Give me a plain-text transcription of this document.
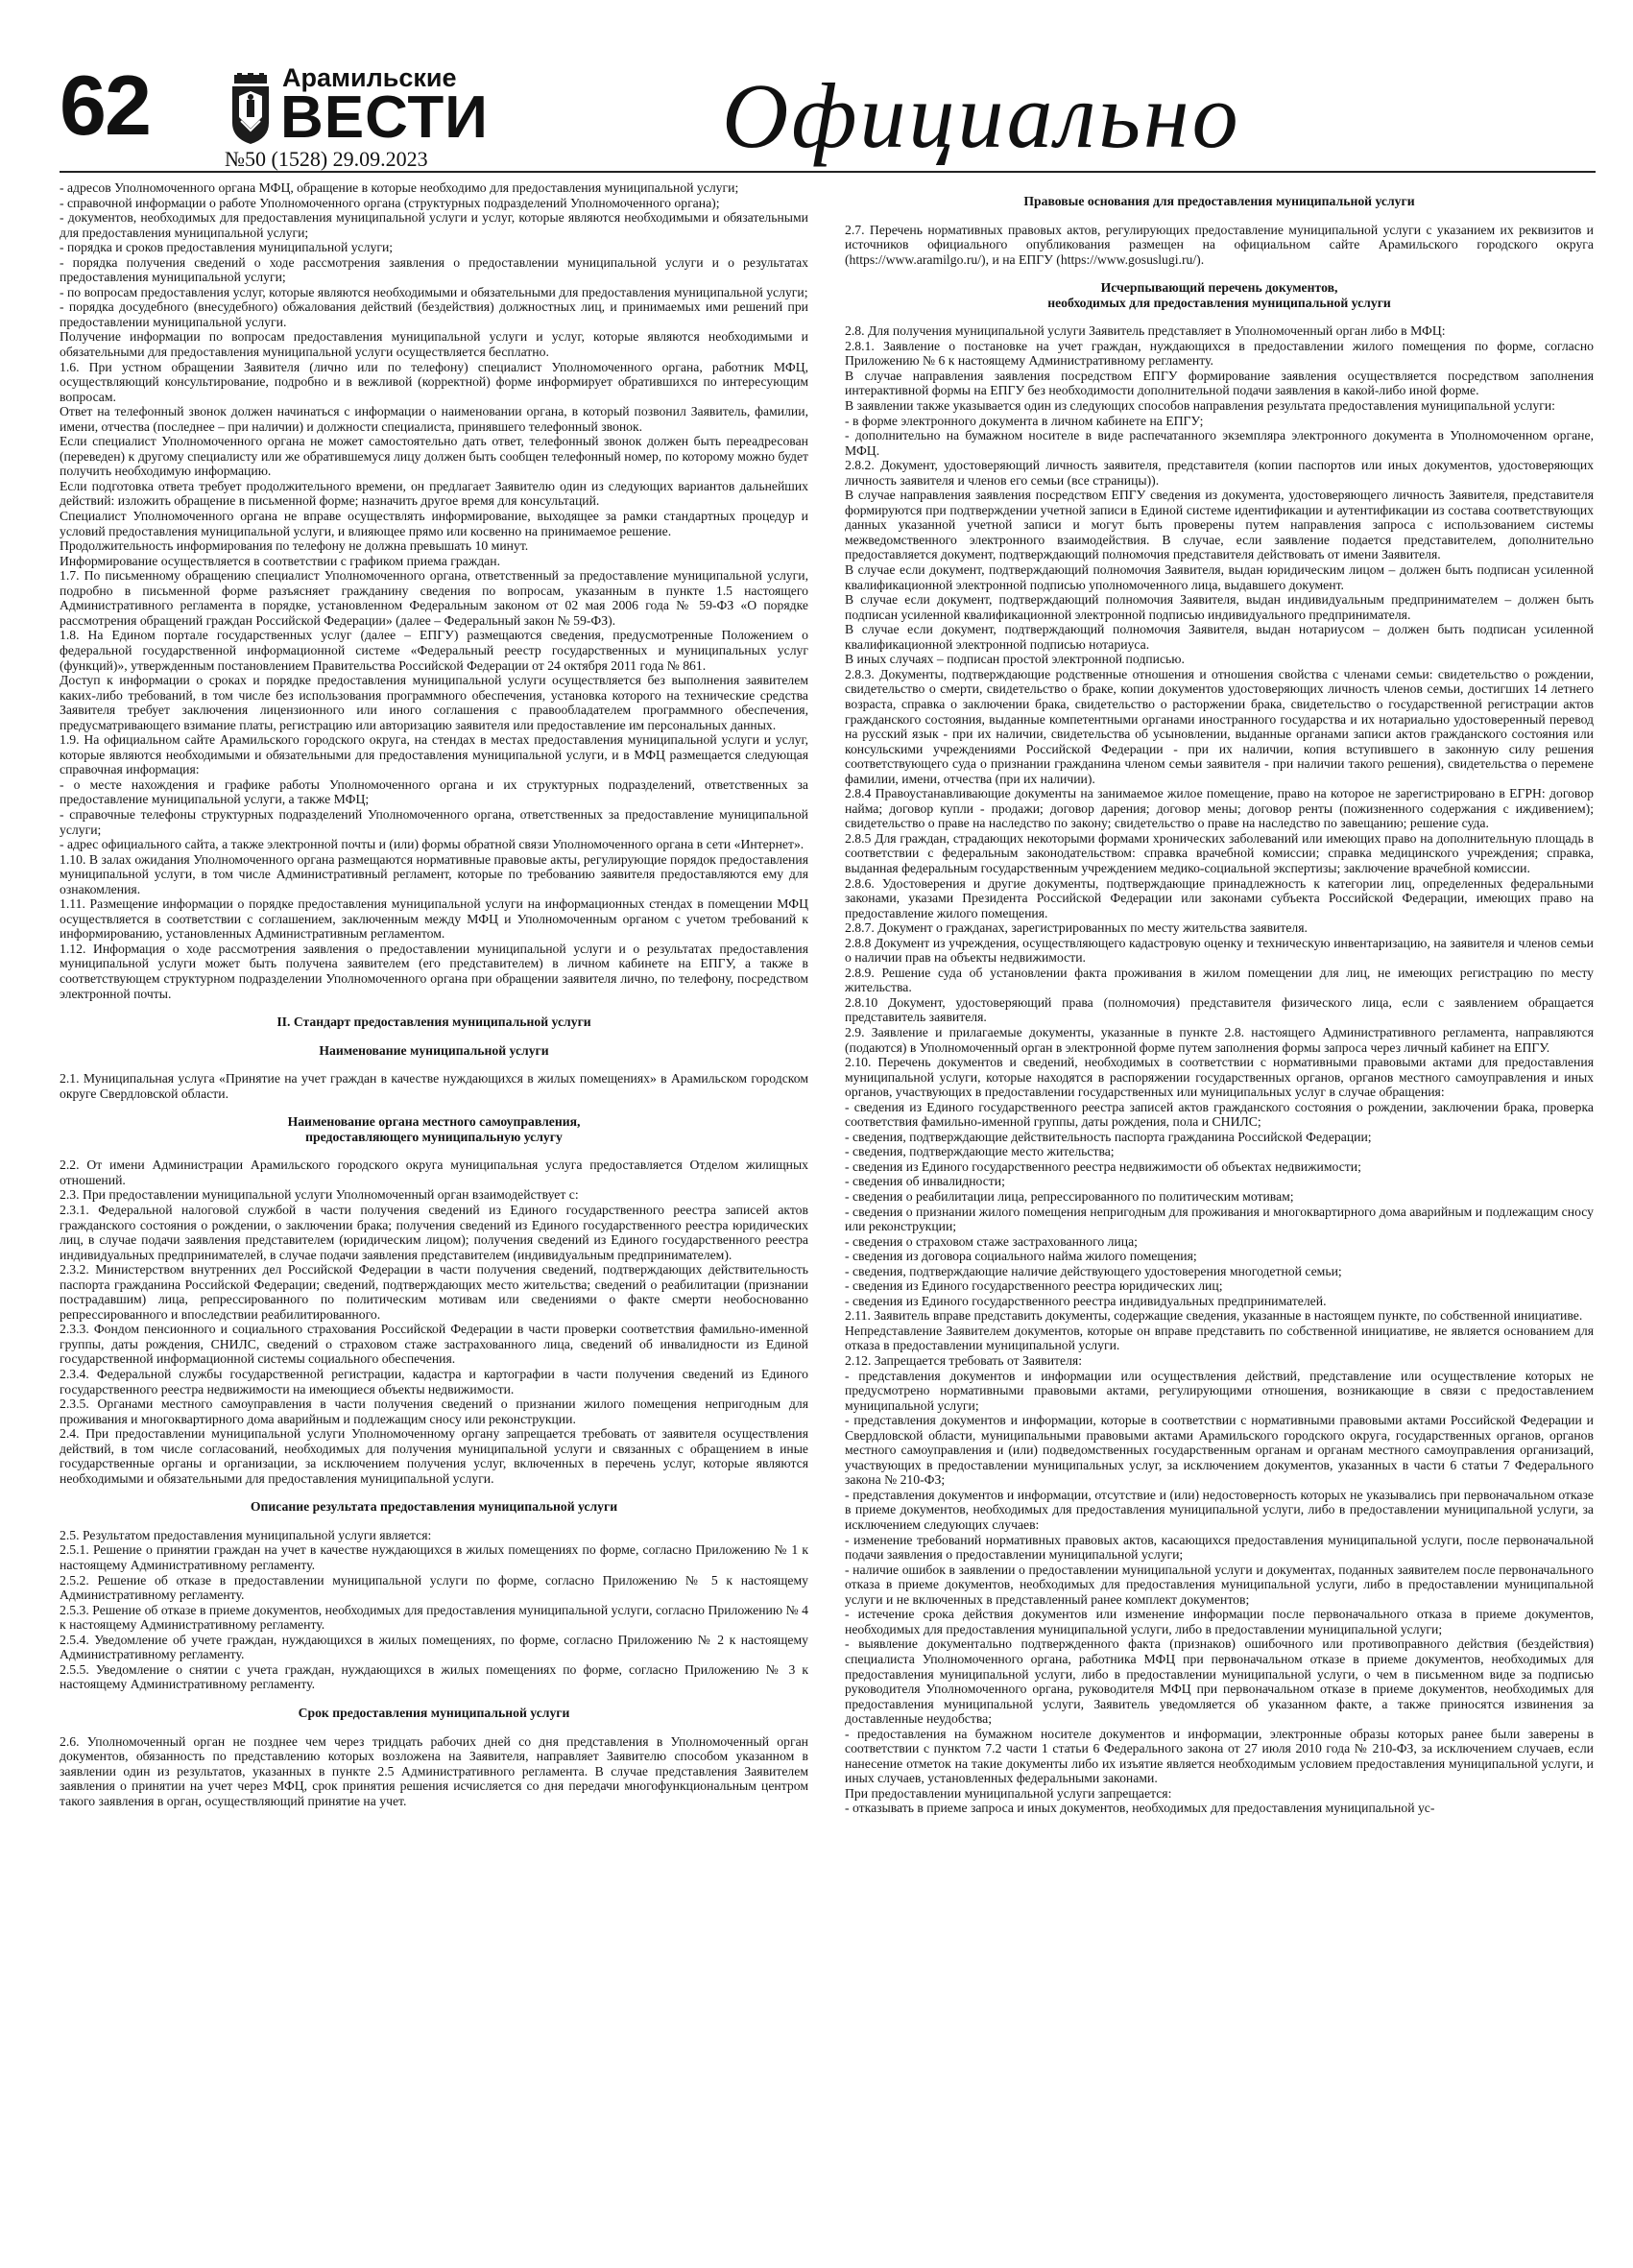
62	Арамильские
ВЕСТИ
№50 (1528) 29.09.2023	Официально
- адресов Уполномоченного органа МФЦ, обращение в которые необходимо для предоставления муниципальной услуги;
- справочной информации о работе Уполномоченного органа (структурных подразделений Уполномоченного органа);
- документов, необходимых для предоставления муниципальной услуги и услуг, которые являются необходимыми и обязательными для предоставления муниципальной услуги;
- порядка и сроков предоставления муниципальной услуги;
- порядка получения сведений о ходе рассмотрения заявления о предоставлении муниципальной услуги и о результатах предоставления муниципальной услуги;
- по вопросам предоставления услуг, которые являются необходимыми и обязательными для предоставления муниципальной услуги;
- порядка досудебного (внесудебного) обжалования действий (бездействия) должностных лиц, и принимаемых ими решений при предоставлении муниципальной услуги.
Получение информации по вопросам предоставления муниципальной услуги и услуг, которые являются необходимыми и обязательными для предоставления муниципальной услуги осуществляется бесплатно.
1.6. При устном обращении Заявителя (лично или по телефону) специалист Уполномоченного органа, работник МФЦ, осуществляющий консультирование, подробно и в вежливой (корректной) форме информирует обратившихся по интересующим вопросам.
Ответ на телефонный звонок должен начинаться с информации о наименовании органа, в который позвонил Заявитель, фамилии, имени, отчества (последнее – при наличии) и должности специалиста, принявшего телефонный звонок.
Если специалист Уполномоченного органа не может самостоятельно дать ответ, телефонный звонок должен быть переадресован (переведен) к другому специалисту или же обратившемуся лицу должен быть сообщен телефонный номер, по которому можно будет получить необходимую информацию.
Если подготовка ответа требует продолжительного времени, он предлагает Заявителю один из следующих вариантов дальнейших действий: изложить обращение в письменной форме; назначить другое время для консультаций.
Специалист Уполномоченного органа не вправе осуществлять информирование, выходящее за рамки стандартных процедур и условий предоставления муниципальной услуги, и влияющее прямо или косвенно на принимаемое решение.
Продолжительность информирования по телефону не должна превышать 10 минут.
Информирование осуществляется в соответствии с графиком приема граждан.
1.7. По письменному обращению специалист Уполномоченного органа, ответственный за предоставление муниципальной услуги, подробно в письменной форме разъясняет гражданину сведения по вопросам, указанным в пункте 1.5 настоящего Административного регламента в порядке, установленном Федеральным законом от 02 мая 2006 года № 59-ФЗ «О порядке рассмотрения обращений граждан Российской Федерации» (далее – Федеральный закон № 59-ФЗ).
1.8. На Едином портале государственных услуг (далее – ЕПГУ) размещаются сведения, предусмотренные Положением о федеральной государственной информационной системе «Федеральный реестр государственных и муниципальных услуг (функций)», утвержденным постановлением Правительства Российской Федерации от 24 октября 2011 года № 861.
Доступ к информации о сроках и порядке предоставления муниципальной услуги осуществляется без выполнения заявителем каких-либо требований, в том числе без использования программного обеспечения, установка которого на технические средства Заявителя требует заключения лицензионного или иного соглашения с правообладателем программного обеспечения, предусматривающего взимание платы, регистрацию или авторизацию заявителя или предоставление им персональных данных.
1.9. На официальном сайте Арамильского городского округа, на стендах в местах предоставления муниципальной услуги и услуг, которые являются необходимыми и обязательными для предоставления муниципальной услуги, и в МФЦ размещается следующая справочная информация:
- о месте нахождения и графике работы Уполномоченного органа и их структурных подразделений, ответственных за предоставление муниципальной услуги, а также МФЦ;
- справочные телефоны структурных подразделений Уполномоченного органа, ответственных за предоставление муниципальной услуги;
- адрес официального сайта, а также электронной почты и (или) формы обратной связи Уполномоченного органа в сети «Интернет».
1.10. В залах ожидания Уполномоченного органа размещаются нормативные правовые акты, регулирующие порядок предоставления муниципальной услуги, в том числе Административный регламент, которые по требованию заявителя предоставляются ему для ознакомления.
1.11. Размещение информации о порядке предоставления муниципальной услуги на информационных стендах в помещении МФЦ осуществляется в соответствии с соглашением, заключенным между МФЦ и Уполномоченным органом с учетом требований к информированию, установленных Административным регламентом.
1.12. Информация о ходе рассмотрения заявления о предоставлении муниципальной услуги и о результатах предоставления муниципальной услуги может быть получена заявителем (его представителем) в личном кабинете на ЕПГУ, а также в соответствующем структурном подразделении Уполномоченного органа при обращении заявителя лично, по телефону, посредством электронной почты.
II. Стандарт предоставления муниципальной услуги
Наименование муниципальной услуги
2.1. Муниципальная услуга «Принятие на учет граждан в качестве нуждающихся в жилых помещениях» в Арамильском городском округе Свердловской области.
Наименование органа местного самоуправления,
предоставляющего муниципальную услугу
2.2. От имени Администрации Арамильского городского округа муниципальная услуга предоставляется Отделом жилищных отношений.
2.3. При предоставлении муниципальной услуги Уполномоченный орган взаимодействует с:
2.3.1. Федеральной налоговой службой в части получения сведений из Единого государственного реестра записей актов гражданского состояния о рождении, о заключении брака; получения сведений из Единого государственного реестра юридических лиц, в случае подачи заявления представителем (юридическим лицом); получения сведений из Единого государственного реестра индивидуальных предпринимателей, в случае подачи заявления представителем (индивидуальным предпринимателем).
2.3.2. Министерством внутренних дел Российской Федерации в части получения сведений, подтверждающих действительность паспорта гражданина Российской Федерации; сведений, подтверждающих место жительства; сведений о реабилитации (признании пострадавшим) лица, репрессированного по политическим мотивам или сведениями о факте смерти необоснованно репрессированного и впоследствии реабилитированного.
2.3.3. Фондом пенсионного и социального страхования Российской Федерации в части проверки соответствия фамильно-именной группы, даты рождения, СНИЛС, сведений о страховом стаже застрахованного лица, сведений об инвалидности из Единой государственной информационной системы социального обеспечения.
2.3.4. Федеральной службы государственной регистрации, кадастра и картографии в части получения сведений из Единого государственного реестра недвижимости на имеющиеся объекты недвижимости.
2.3.5. Органами местного самоуправления в части получения сведений о признании жилого помещения непригодным для проживания и многоквартирного дома аварийным и подлежащим сносу или реконструкции.
2.4. При предоставлении муниципальной услуги Уполномоченному органу запрещается требовать от заявителя осуществления действий, в том числе согласований, необходимых для получения муниципальной услуги и связанных с обращением в иные государственные органы и организации, за исключением получения услуг, включенных в перечень услуг, которые являются необходимыми и обязательными для предоставления муниципальной услуги.
Описание результата предоставления муниципальной услуги
2.5. Результатом предоставления муниципальной услуги является:
2.5.1. Решение о принятии граждан на учет в качестве нуждающихся в жилых помещениях по форме, согласно Приложению № 1 к настоящему Административному регламенту.
2.5.2. Решение об отказе в предоставлении муниципальной услуги по форме, согласно Приложению № 5 к настоящему Административному регламенту.
2.5.3. Решение об отказе в приеме документов, необходимых для предоставления муниципальной услуги, согласно Приложению № 4 к настоящему Административному регламенту.
2.5.4. Уведомление об учете граждан, нуждающихся в жилых помещениях, по форме, согласно Приложению № 2 к настоящему Административному регламенту.
2.5.5. Уведомление о снятии с учета граждан, нуждающихся в жилых помещениях по форме, согласно Приложению № 3 к настоящему Административному регламенту.
Срок предоставления муниципальной услуги
2.6. Уполномоченный орган не позднее чем через тридцать рабочих дней со дня представления в Уполномоченный орган документов, обязанность по представлению которых возложена на Заявителя, направляет Заявителю способом указанном в заявлении один из результатов, указанных в пункте 2.5 Административного регламента. В случае представления Заявителем заявления о принятии на учет через МФЦ, срок принятия решения исчисляется со дня передачи многофункциональным центром такого заявления в орган, осуществляющий принятие на учет.
Правовые основания для предоставления муниципальной услуги
2.7. Перечень нормативных правовых актов, регулирующих предоставление муниципальной услуги с указанием их реквизитов и источников официального опубликования размещен на официальном сайте Арамильского городского округа (https://www.aramilgo.ru/), и на ЕПГУ (https://www.gosuslugi.ru/).
Исчерпывающий перечень документов,
необходимых для предоставления муниципальной услуги
2.8. Для получения муниципальной услуги Заявитель представляет в Уполномоченный орган либо в МФЦ:
2.8.1. Заявление о постановке на учет граждан, нуждающихся в предоставлении жилого помещения по форме, согласно Приложению № 6 к настоящему Административному регламенту.
В случае направления заявления посредством ЕПГУ формирование заявления осуществляется посредством заполнения интерактивной формы на ЕПГУ без необходимости дополнительной подачи заявления в какой-либо иной форме.
В заявлении также указывается один из следующих способов направления результата предоставления муниципальной услуги:
- в форме электронного документа в личном кабинете на ЕПГУ;
- дополнительно на бумажном носителе в виде распечатанного экземпляра электронного документа в Уполномоченном органе, МФЦ.
2.8.2. Документ, удостоверяющий личность заявителя, представителя (копии паспортов или иных документов, удостоверяющих личность заявителя и членов его семьи (все страницы)).
В случае направления заявления посредством ЕПГУ сведения из документа, удостоверяющего личность Заявителя, представителя формируются при подтверждении учетной записи в Единой системе идентификации и аутентификации из состава соответствующих данных указанной учетной записи и могут быть проверены путем направления запроса с использованием системы межведомственного электронного взаимодействия. В случае, если заявление подается представителем, дополнительно предоставляется документ, подтверждающий полномочия представителя действовать от имени Заявителя.
В случае если документ, подтверждающий полномочия Заявителя, выдан юридическим лицом – должен быть подписан усиленной квалификационной электронной подписью уполномоченного лица, выдавшего документ.
В случае если документ, подтверждающий полномочия Заявителя, выдан индивидуальным предпринимателем – должен быть подписан усиленной квалификационной электронной подписью индивидуального предпринимателя.
В случае если документ, подтверждающий полномочия Заявителя, выдан нотариусом – должен быть подписан усиленной квалификационной электронной подписью нотариуса.
В иных случаях – подписан простой электронной подписью.
2.8.3. Документы, подтверждающие родственные отношения и отношения свойства с членами семьи: свидетельство о рождении, свидетельство о смерти, свидетельство о браке, копии документов удостоверяющих личность членов семьи, достигших 14 летнего возраста, справка о заключении брака, свидетельство о расторжении брака, свидетельство о государственной регистрации актов гражданского состояния, выданные компетентными органами иностранного государства и их нотариально удостоверенный перевод на русский язык - при их наличии, свидетельства об усыновлении, выданные органами записи актов гражданского состояния или консульскими учреждениями Российской Федерации - при их наличии, копия вступившего в законную силу решения соответствующего суда о признании гражданина членом семьи заявителя - при наличии такого решения), свидетельства о перемене фамилии, имени, отчества (при их наличии).
2.8.4 Правоустанавливающие документы на занимаемое жилое помещение, право на которое не зарегистрировано в ЕГРН: договор найма; договор купли - продажи; договор дарения; договор мены; договор ренты (пожизненного содержания с иждивением); свидетельство о праве на наследство по закону; свидетельство о праве на наследство по завещанию; решение суда.
2.8.5 Для граждан, страдающих некоторыми формами хронических заболеваний или имеющих право на дополнительную площадь в соответствии с федеральным законодательством: справка врачебной комиссии; справка медицинского учреждения; справка, выданная федеральным государственным учреждением медико-социальной экспертизы; заключение врачебной комиссии.
2.8.6. Удостоверения и другие документы, подтверждающие принадлежность к категории лиц, определенных федеральными законами, указами Президента Российской Федерации или законами субъекта Российской Федерации, имеющих право на предоставление жилого помещения.
2.8.7. Документ о гражданах, зарегистрированных по месту жительства заявителя.
2.8.8 Документ из учреждения, осуществляющего кадастровую оценку и техническую инвентаризацию, на заявителя и членов семьи о наличии прав на объекты недвижимости.
2.8.9. Решение суда об установлении факта проживания в жилом помещении для лиц, не имеющих регистрацию по месту жительства.
2.8.10 Документ, удостоверяющий права (полномочия) представителя физического лица, если с заявлением обращается представитель заявителя.
2.9. Заявление и прилагаемые документы, указанные в пункте 2.8. настоящего Административного регламента, направляются (подаются) в Уполномоченный орган в электронной форме путем заполнения формы запроса через личный кабинет на ЕПГУ.
2.10. Перечень документов и сведений, необходимых в соответствии с нормативными правовыми актами для предоставления муниципальной услуги, которые находятся в распоряжении государственных органов, органов местного самоуправления и иных органов, участвующих в предоставлении государственных или муниципальных услуг в случае обращения:
- сведения из Единого государственного реестра записей актов гражданского состояния о рождении, заключении брака, проверка соответствия фамильно-именной группы, даты рождения, пола и СНИЛС;
- сведения, подтверждающие действительность паспорта гражданина Российской Федерации;
- сведения, подтверждающие место жительства;
- сведения из Единого государственного реестра недвижимости об объектах недвижимости;
- сведения об инвалидности;
- сведения о реабилитации лица, репрессированного по политическим мотивам;
- сведения о признании жилого помещения непригодным для проживания и многоквартирного дома аварийным и подлежащим сносу или реконструкции;
- сведения о страховом стаже застрахованного лица;
- сведения из договора социального найма жилого помещения;
- сведения, подтверждающие наличие действующего удостоверения многодетной семьи;
- сведения из Единого государственного реестра юридических лиц;
- сведения из Единого государственного реестра индивидуальных предпринимателей.
2.11. Заявитель вправе представить документы, содержащие сведения, указанные в настоящем пункте, по собственной инициативе.
Непредставление Заявителем документов, которые он вправе представить по собственной инициативе, не является основанием для отказа в предоставлении муниципальной услуги.
2.12. Запрещается требовать от Заявителя:
- представления документов и информации или осуществления действий, представление или осуществление которых не предусмотрено нормативными правовыми актами, регулирующими отношения, возникающие в связи с предоставлением муниципальной услуги;
- представления документов и информации, которые в соответствии с нормативными правовыми актами Российской Федерации и Свердловской области, муниципальными правовыми актами Арамильского городского округа, государственных органов, органов местного самоуправления и (или) подведомственных государственным органам и органам местного самоуправления организаций, участвующих в предоставлении муниципальных услуг, за исключением документов, указанных в части 6 статьи 7 Федерального закона № 210-ФЗ;
- представления документов и информации, отсутствие и (или) недостоверность которых не указывались при первоначальном отказе в приеме документов, необходимых для предоставления муниципальной услуги, либо в предоставлении муниципальной услуги, за исключением следующих случаев:
- изменение требований нормативных правовых актов, касающихся предоставления муниципальной услуги, после первоначальной подачи заявления о предоставлении муниципальной услуги;
- наличие ошибок в заявлении о предоставлении муниципальной услуги и документах, поданных заявителем после первоначального отказа в приеме документов, необходимых для предоставления муниципальной услуги, либо в предоставлении муниципальной услуги и не включенных в представленный ранее комплект документов;
- истечение срока действия документов или изменение информации после первоначального отказа в приеме документов, необходимых для предоставления муниципальной услуги, либо в предоставлении муниципальной услуги;
- выявление документально подтвержденного факта (признаков) ошибочного или противоправного действия (бездействия) специалиста Уполномоченного органа, работника МФЦ при первоначальном отказе в приеме документов, необходимых для предоставления муниципальной услуги, либо в предоставлении муниципальной услуги, о чем в письменном виде за подписью руководителя Уполномоченного органа, руководителя МФЦ при первоначальном отказе в приеме документов, необходимых для предоставления муниципальной услуги, Заявитель уведомляется об указанном факте, а также приносятся извинения за доставленные неудобства;
- предоставления на бумажном носителе документов и информации, электронные образы которых ранее были заверены в соответствии с пунктом 7.2 части 1 статьи 6 Федерального закона от 27 июля 2010 года № 210-ФЗ, за исключением случаев, если нанесение отметок на такие документы либо их изъятие является необходимым условием предоставления муниципальной услуги, и иных случаев, установленных федеральными законами.
При предоставлении муниципальной услуги запрещается:
- отказывать в приеме запроса и иных документов, необходимых для предоставления муниципальной ус-
